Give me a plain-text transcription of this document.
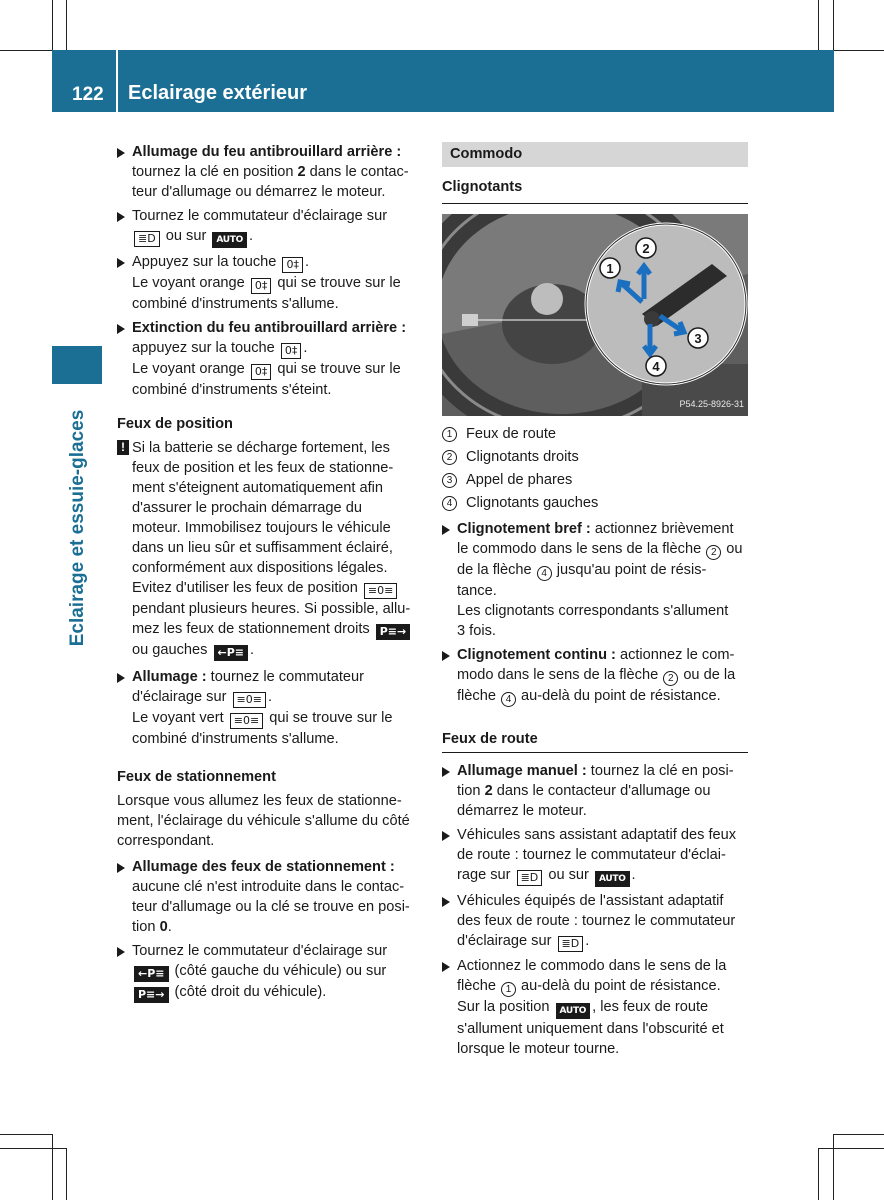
122 Eclairage extérieur
Eclairage et essuie-glaces
Allumage du feu antibrouillard arrière :
tournez la clé en position 2 dans le contac-
teur d'allumage ou démarrez le moteur.
Tournez le commutateur d'éclairage sur
≣D ou sur AUTO .
Appuyez sur la touche 0‡ .
Le voyant orange 0‡ qui se trouve sur le
combiné d'instruments s'allume.
Extinction du feu antibrouillard arrière :
appuyez sur la touche 0‡ .
Le voyant orange 0‡ qui se trouve sur le
combiné d'instruments s'éteint.
Feux de position
! Si la batterie se décharge fortement, les
feux de position et les feux de stationne-
ment s'éteignent automatiquement afin
d'assurer le prochain démarrage du
moteur. Immobilisez toujours le véhicule
dans un lieu sûr et suffisamment éclairé,
conformément aux dispositions légales.
Evitez d'utiliser les feux de position ≡0≡
pendant plusieurs heures. Si possible, allu-
mez les feux de stationnement droits P≡→
ou gauches ←P≡ .
Allumage : tournez le commutateur
d'éclairage sur ≡0≡ .
Le voyant vert ≡0≡ qui se trouve sur le
combiné d'instruments s'allume.
Feux de stationnement
Lorsque vous allumez les feux de stationne-
ment, l'éclairage du véhicule s'allume du côté
correspondant.
Allumage des feux de stationnement :
aucune clé n'est introduite dans le contac-
teur d'allumage ou la clé se trouve en posi-
tion 0.
Tournez le commutateur d'éclairage sur
←P≡ (côté gauche du véhicule) ou sur
P≡→ (côté droit du véhicule).
Commodo
Clignotants
1
2
3
4
P54.25-8926-31
1 Feux de route
2 Clignotants droits
3 Appel de phares
4 Clignotants gauches
Clignotement bref : actionnez brièvement
le commodo dans le sens de la flèche 2 ou
de la flèche 4 jusqu'au point de résis-
tance.
Les clignotants correspondants s'allument
3 fois.
Clignotement continu : actionnez le com-
modo dans le sens de la flèche 2 ou de la
flèche 4 au-delà du point de résistance.
Feux de route
Allumage manuel : tournez la clé en posi-
tion 2 dans le contacteur d'allumage ou
démarrez le moteur.
Véhicules sans assistant adaptatif des feux
de route : tournez le commutateur d'éclai-
rage sur ≣D ou sur AUTO .
Véhicules équipés de l'assistant adaptatif
des feux de route : tournez le commutateur
d'éclairage sur ≣D .
Actionnez le commodo dans le sens de la
flèche 1 au-delà du point de résistance.
Sur la position AUTO , les feux de route
s'allument uniquement dans l'obscurité et
lorsque le moteur tourne.
